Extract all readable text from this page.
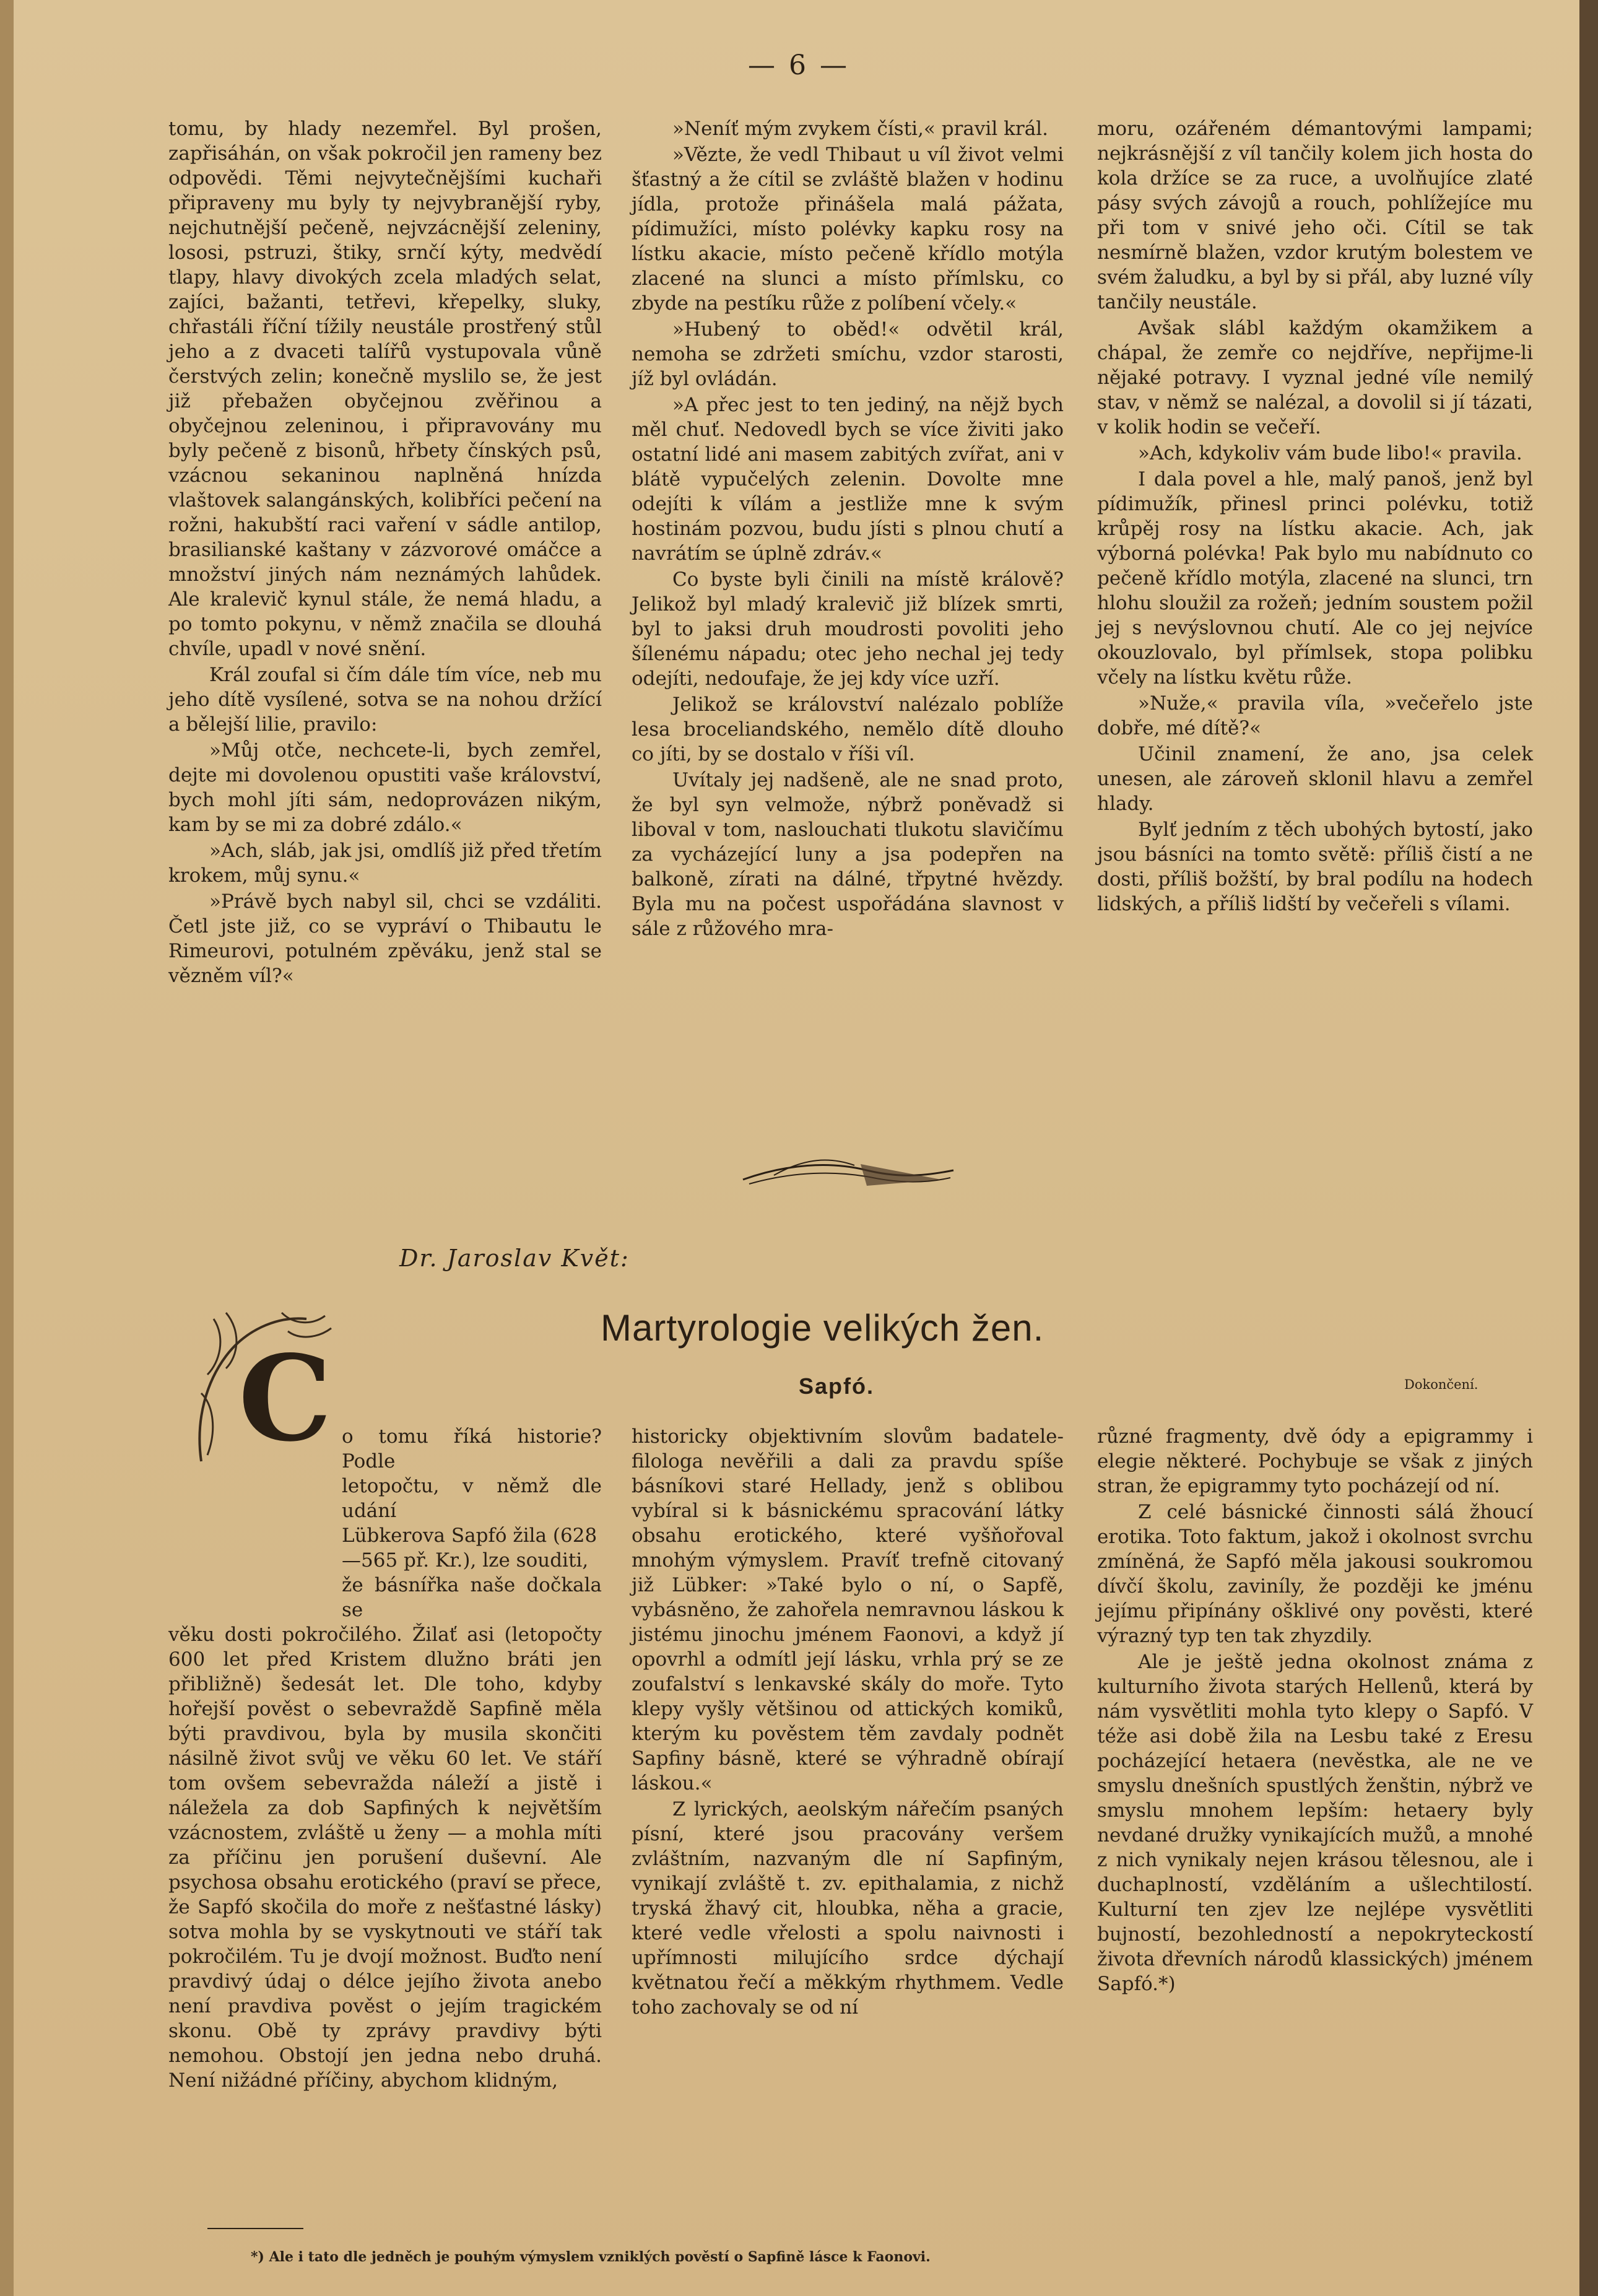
— 6 —

tomu, by hlady nezemřel. Byl prošen, zapřisáhán, on však pokročil jen rameny bez odpovědi. Těmi nejvytečnějšími kuchaři připraveny mu byly ty nejvybranější ryby, nejchutnější pečeně, nejvzácnější zeleniny, lososi, pstruzi, štiky, srnčí kýty, medvědí tlapy, hlavy divokých zcela mladých selat, zajíci, bažanti, tetřevi, křepelky, sluky, chřastáli říční tížily neustále prostřený stůl jeho a z dvaceti talířů vystupovala vůně čerstvých zelin; konečně myslilo se, že jest již přebažen obyčejnou zvěřinou a obyčejnou zeleninou, i připravovány mu byly pečeně z bisonů, hřbety čínských psů, vzácnou sekaninou naplněná hnízda vlaštovek salangánských, kolibříci pečení na rožni, hakubští raci vaření v sádle antilop, brasilianské kaštany v zázvorové omáčce a množství jiných nám neznámých lahůdek. Ale kralevič kynul stále, že nemá hladu, a po tomto pokynu, v němž značila se dlouhá chvíle, upadl v nové snění.

Král zoufal si čím dále tím více, neb mu jeho dítě vysílené, sotva se na nohou držící a bělejší lilie, pravilo:

»Můj otče, nechcete-li, bych zemřel, dejte mi dovolenou opustiti vaše království, bych mohl jíti sám, nedoprovázen nikým, kam by se mi za dobré zdálo.«

»Ach, sláb, jak jsi, omdlíš již před třetím krokem, můj synu.«

»Právě bych nabyl sil, chci se vzdáliti. Četl jste již, co se vypráví o Thibautu le Rimeurovi, potulném zpěváku, jenž stal se vězněm víl?«

»Neníť mým zvykem čísti,« pravil král.

»Vězte, že vedl Thibaut u víl život velmi šťastný a že cítil se zvláště blažen v hodinu jídla, protože přinášela malá pážata, pídimužíci, místo polévky kapku rosy na lístku akacie, místo pečeně křídlo motýla zlacené na slunci a místo přímlsku, co zbyde na pestíku růže z políbení včely.«

»Hubený to oběd!« odvětil král, nemoha se zdržeti smíchu, vzdor starosti, jíž byl ovládán.

»A přec jest to ten jediný, na nějž bych měl chuť. Nedovedl bych se více živiti jako ostatní lidé ani masem zabitých zvířat, ani v blátě vypučelých zelenin. Dovolte mne odejíti k vílám a jestliže mne k svým hostinám pozvou, budu jísti s plnou chutí a navrátím se úplně zdráv.«

Co byste byli činili na místě králově? Jelikož byl mladý kralevič již blízek smrti, byl to jaksi druh moudrosti povoliti jeho šílenému nápadu; otec jeho nechal jej tedy odejíti, nedoufaje, že jej kdy více uzří.

Jelikož se království nalézalo poblíže lesa broceliandského, nemělo dítě dlouho co jíti, by se dostalo v říši víl.

Uvítaly jej nadšeně, ale ne snad proto, že byl syn velmože, nýbrž poněvadž si liboval v tom, naslouchati tlukotu slavičímu za vycházející luny a jsa podepřen na balkoně, zírati na dálné, třpytné hvězdy. Byla mu na počest uspořádána slavnost v sále z růžového mra-

moru, ozářeném démantovými lampami; nejkrásnější z víl tančily kolem jich hosta do kola držíce se za ruce, a uvolňujíce zlaté pásy svých závojů a rouch, pohlížejíce mu při tom v snivé jeho oči. Cítil se tak nesmírně blažen, vzdor krutým bolestem ve svém žaludku, a byl by si přál, aby luzné víly tančily neustále.

Avšak slábl každým okamžikem a chápal, že zemře co nejdříve, nepřijme-li nějaké potravy. I vyznal jedné víle nemilý stav, v němž se nalézal, a dovolil si jí tázati, v kolik hodin se večeří.

»Ach, kdykoliv vám bude libo!« pravila.

I dala povel a hle, malý panoš, jenž byl pídimužík, přinesl princi polévku, totiž krůpěj rosy na lístku akacie. Ach, jak výborná polévka! Pak bylo mu nabídnuto co pečeně křídlo motýla, zlacené na slunci, trn hlohu sloužil za rožeň; jedním soustem požil jej s nevýslovnou chutí. Ale co jej nejvíce okouzlovalo, byl přímlsek, stopa polibku včely na lístku květu růže.

»Nuže,« pravila víla, »večeřelo jste dobře, mé dítě?«

Učinil znamení, že ano, jsa celek unesen, ale zároveň sklonil hlavu a zemřel hlady.

Bylť jedním z těch ubohých bytostí, jako jsou básníci na tomto světě: příliš čistí a ne dosti, příliš božští, by bral podílu na hodech lidských, a příliš lidští by večeřeli s vílami.

Dr. Jaroslav Květ:
Martyrologie velikých žen.
Sapfó.	Dokončení.
C o tomu říká historie? Podle
letopočtu, v němž dle udání
Lübkerova Sapfó žila (628
—565 př. Kr.), lze souditi,
že básnířka naše dočkala se

věku dosti pokročilého. Žilať asi (letopočty 600 let před Kristem dlužno bráti jen přibližně) šedesát let. Dle toho, kdyby hořejší pověst o sebevraždě Sapfině měla býti pravdivou, byla by musila skončiti násilně život svůj ve věku 60 let. Ve stáří tom ovšem sebevražda náleží a jistě i náležela za dob Sapfiných k největším vzácnostem, zvláště u ženy — a mohla míti za příčinu jen porušení duševní. Ale psychosa obsahu erotického (praví se přece, že Sapfó skočila do moře z nešťastné lásky) sotva mohla by se vyskytnouti ve stáří tak pokročilém. Tu je dvojí možnost. Buďto není pravdivý údaj o délce jejího života anebo není pravdiva pověst o jejím tragickém skonu. Obě ty zprávy pravdivy býti nemohou. Obstojí jen jedna nebo druhá. Není nižádné příčiny, abychom klidným,

historicky objektivním slovům badatele-filologa nevěřili a dali za pravdu spíše básníkovi staré Hellady, jenž s oblibou vybíral si k básnickému spracování látky obsahu erotického, které vyšňořoval mnohým výmyslem. Pravíť trefně citovaný již Lübker: »Také bylo o ní, o Sapfě, vybásněno, že zahořela nemravnou láskou k jistému jinochu jménem Faonovi, a když jí opovrhl a odmítl její lásku, vrhla prý se ze zoufalství s lenkavské skály do moře. Tyto klepy vyšly většinou od attických komiků, kterým ku pověstem těm zavdaly podnět Sapfiny básně, které se výhradně obírají láskou.«

Z lyrických, aeolským nářečím psaných písní, které jsou pracovány veršem zvláštním, nazvaným dle ní Sapfiným, vynikají zvláště t. zv. epithalamia, z nichž tryská žhavý cit, hloubka, něha a gracie, které vedle vřelosti a spolu naivnosti i upřímnosti milujícího srdce dýchají květnatou řečí a měkkým rhythmem. Vedle toho zachovaly se od ní

různé fragmenty, dvě ódy a epigrammy i elegie některé. Pochybuje se však z jiných stran, že epigrammy tyto pocházejí od ní.

Z celé básnické činnosti sálá žhoucí erotika. Toto faktum, jakož i okolnost svrchu zmíněná, že Sapfó měla jakousi soukromou dívčí školu, zaviníly, že později ke jménu jejímu připínány ošklivé ony pověsti, které výrazný typ ten tak zhyzdily.

Ale je ještě jedna okolnost známa z kulturního života starých Hellenů, která by nám vysvětliti mohla tyto klepy o Sapfó. V téže asi době žila na Lesbu také z Eresu pocházející hetaera (nevěstka, ale ne ve smyslu dnešních spustlých ženštin, nýbrž ve smyslu mnohem lepším: hetaery byly nevdané družky vynikajících mužů, a mnohé z nich vynikaly nejen krásou tělesnou, ale i duchaplností, vzděláním a ušlechtilostí. Kulturní ten zjev lze nejlépe vysvětliti bujností, bezohledností a nepokryteckostí života dřevních národů klassických) jménem Sapfó.*)

*) Ale i tato dle jedněch je pouhým výmyslem vzniklých pověstí o Sapfině lásce k Faonovi.
